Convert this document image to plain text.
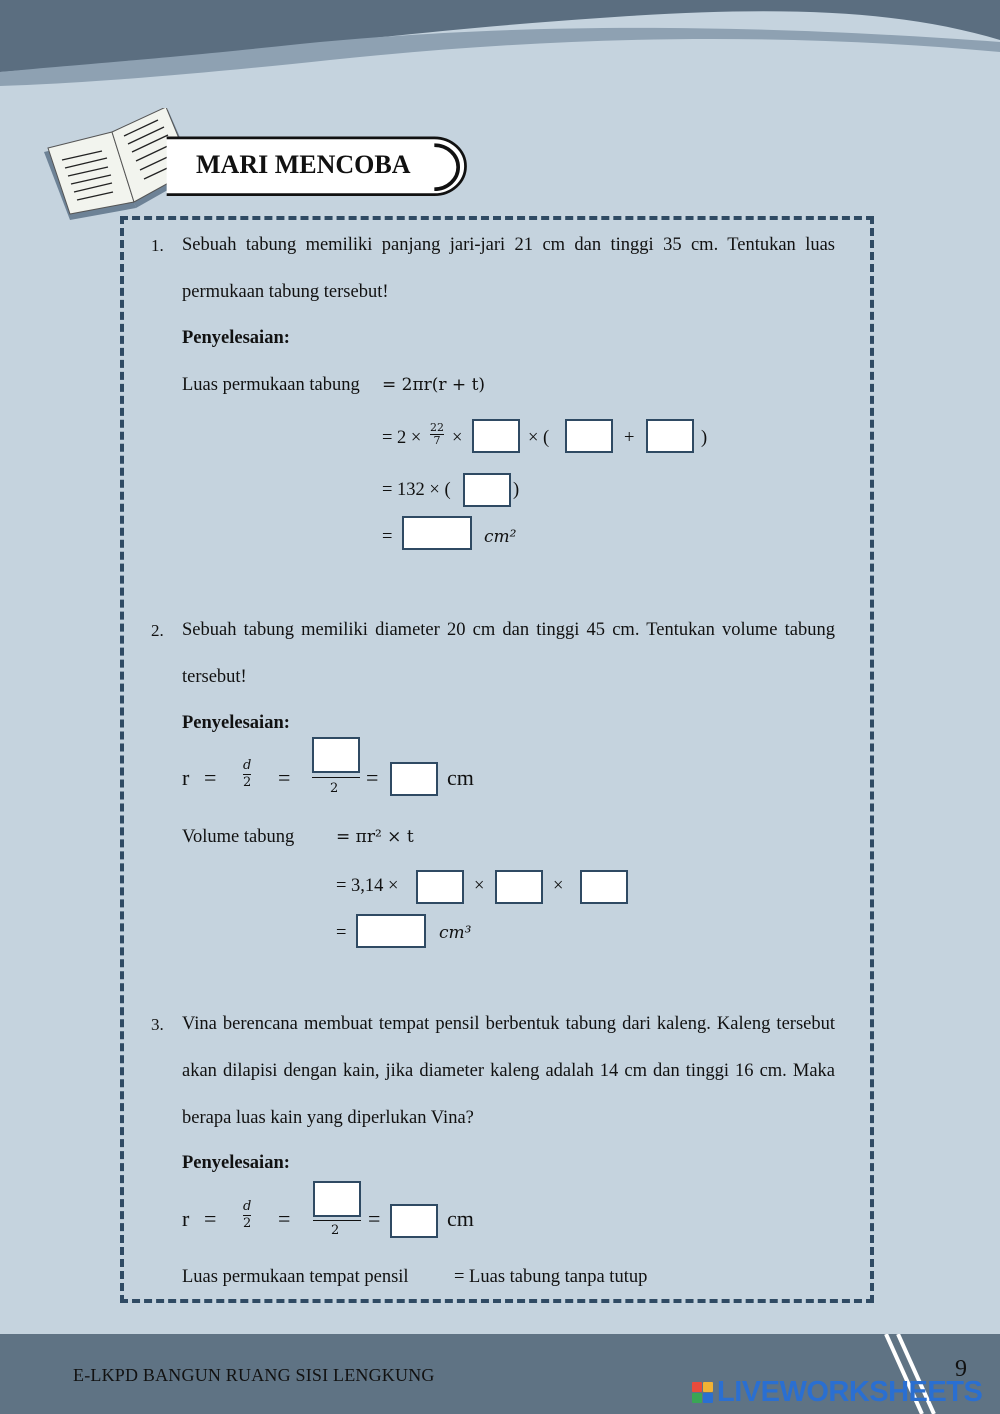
MARI MENCOBA
1. Sebuah tabung memiliki panjang jari-jari 21 cm dan tinggi 35 cm. Tentukan luas permukaan tabung tersebut!
Penyelesaian:
Luas permukaan tabung = 2πr(r + t)
= 2 ×
22
7 ×	× (	+	)
= 132 × (	)
=	cm²
2. Sebuah tabung memiliki diameter 20 cm dan tinggi 45 cm. Tentukan volume tabung tersebut!
Penyelesaian:
r = d
2 =	2 =	cm
Volume tabung = πr² × t
= 3,14 ×	×	×
=	cm³
3. Vina berencana membuat tempat pensil berbentuk tabung dari kaleng. Kaleng tersebut akan dilapisi dengan kain, jika diameter kaleng adalah 14 cm dan tinggi 16 cm. Maka berapa luas kain yang diperlukan Vina?
Penyelesaian:
r = d
2 =	2 =	cm
Luas permukaan tempat pensil = Luas tabung tanpa tutup
E-LKPD BANGUN RUANG SISI LENGKUNG	9
LIVEWORKSHEETS
